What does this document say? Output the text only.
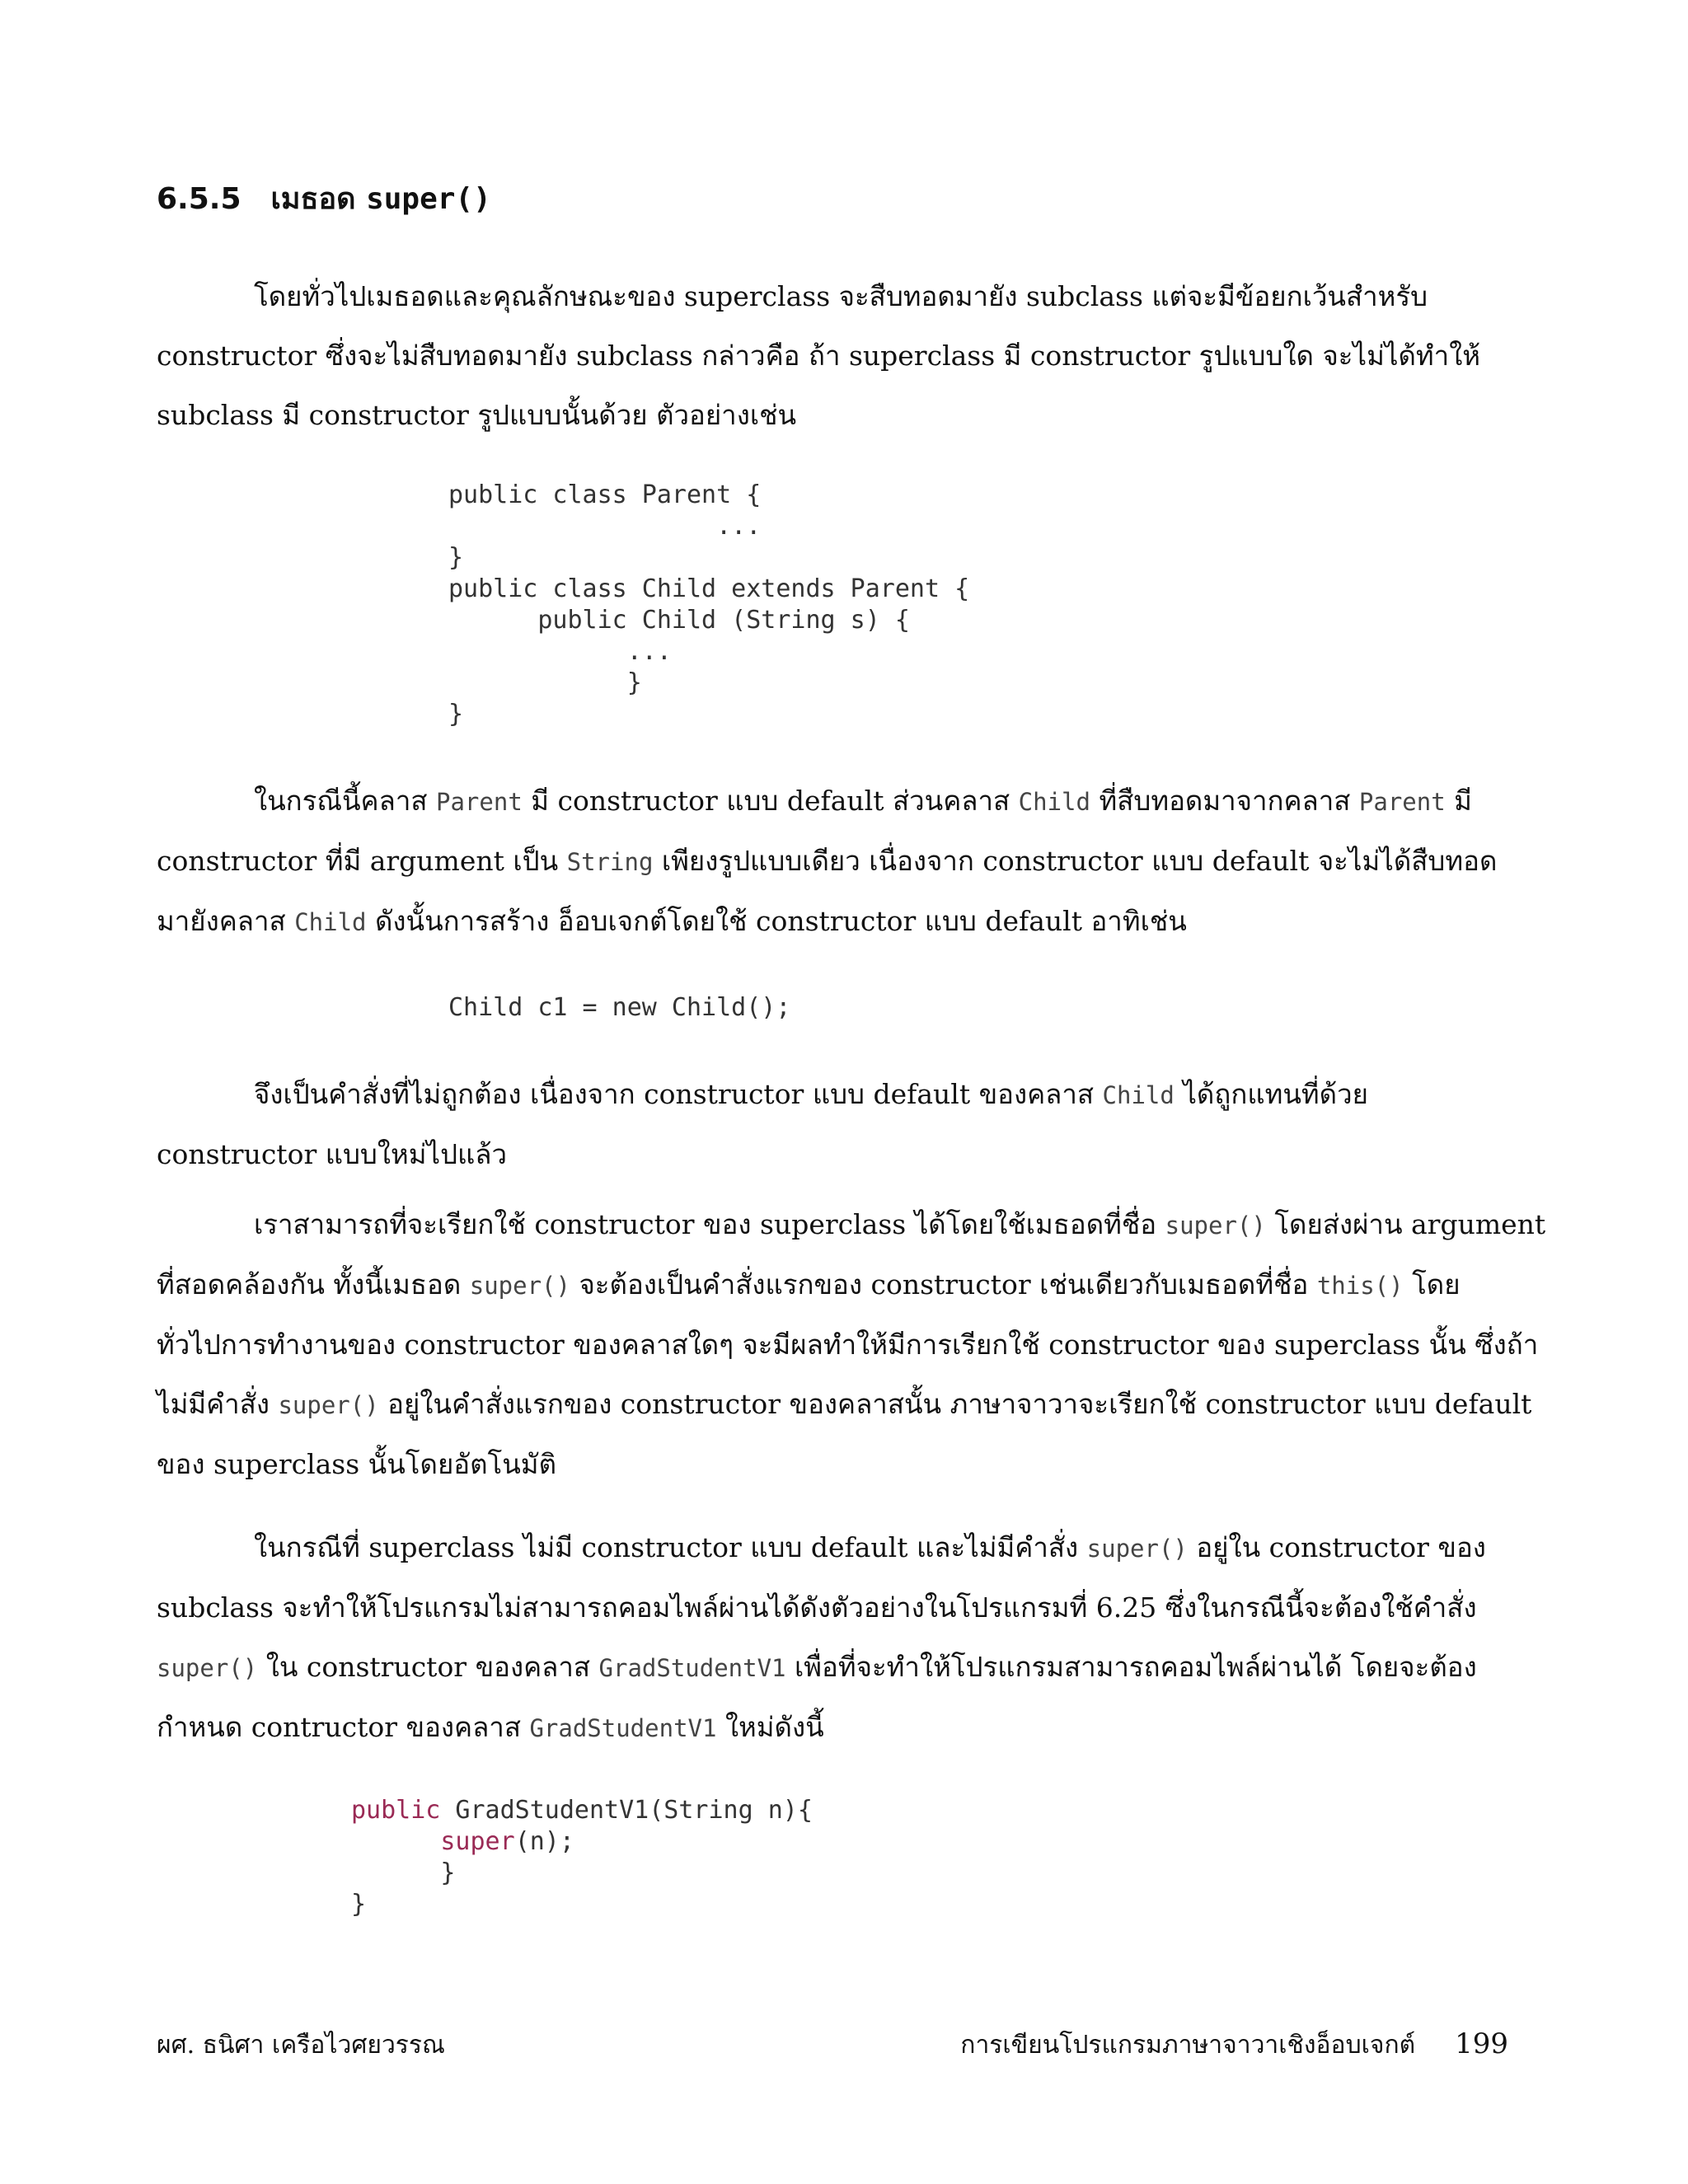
6.5.5 เมธอด super()
โดยทั่วไปเมธอดและคุณลักษณะของ superclass จะสืบทอดมายัง subclass แต่จะมีข้อยกเว้นสำหรับ
constructor ซึ่งจะไม่สืบทอดมายัง subclass กล่าวคือ ถ้า superclass มี constructor รูปแบบใด จะไม่ได้ทำให้
subclass มี constructor รูปแบบนั้นด้วย ตัวอย่างเช่น
public class Parent {
...
}
public class Child extends Parent {
public Child (String s) {
...
}
}
ในกรณีนี้คลาส Parent มี constructor แบบ default ส่วนคลาส Child ที่สืบทอดมาจากคลาส Parent มี
constructor ที่มี argument เป็น String เพียงรูปแบบเดียว เนื่องจาก constructor แบบ default จะไม่ได้สืบทอด
มายังคลาส Child ดังนั้นการสร้าง อ็อบเจกต์โดยใช้ constructor แบบ default อาทิเช่น
Child c1 = new Child();
จึงเป็นคำสั่งที่ไม่ถูกต้อง เนื่องจาก constructor แบบ default ของคลาส Child ได้ถูกแทนที่ด้วย
constructor แบบใหม่ไปแล้ว
เราสามารถที่จะเรียกใช้ constructor ของ superclass ได้โดยใช้เมธอดที่ชื่อ super() โดยส่งผ่าน argument
ที่สอดคล้องกัน ทั้งนี้เมธอด super() จะต้องเป็นคำสั่งแรกของ constructor เช่นเดียวกับเมธอดที่ชื่อ this() โดย
ทั่วไปการทำงานของ constructor ของคลาสใดๆ จะมีผลทำให้มีการเรียกใช้ constructor ของ superclass นั้น ซึ่งถ้า
ไม่มีคำสั่ง super() อยู่ในคำสั่งแรกของ constructor ของคลาสนั้น ภาษาจาวาจะเรียกใช้ constructor แบบ default
ของ superclass นั้นโดยอัตโนมัติ
ในกรณีที่ superclass ไม่มี constructor แบบ default และไม่มีคำสั่ง super() อยู่ใน constructor ของ
subclass จะทำให้โปรแกรมไม่สามารถคอมไพล์ผ่านได้ดังตัวอย่างในโปรแกรมที่ 6.25 ซึ่งในกรณีนี้จะต้องใช้คำสั่ง
super() ใน constructor ของคลาส GradStudentV1 เพื่อที่จะทำให้โปรแกรมสามารถคอมไพล์ผ่านได้ โดยจะต้อง
กำหนด contructor ของคลาส GradStudentV1 ใหม่ดังนี้
public GradStudentV1(String n){
super(n);
}
}
ผศ. ธนิศา เครือไวศยวรรณ	การเขียนโปรแกรมภาษาจาวาเชิงอ็อบเจกต์ 199
